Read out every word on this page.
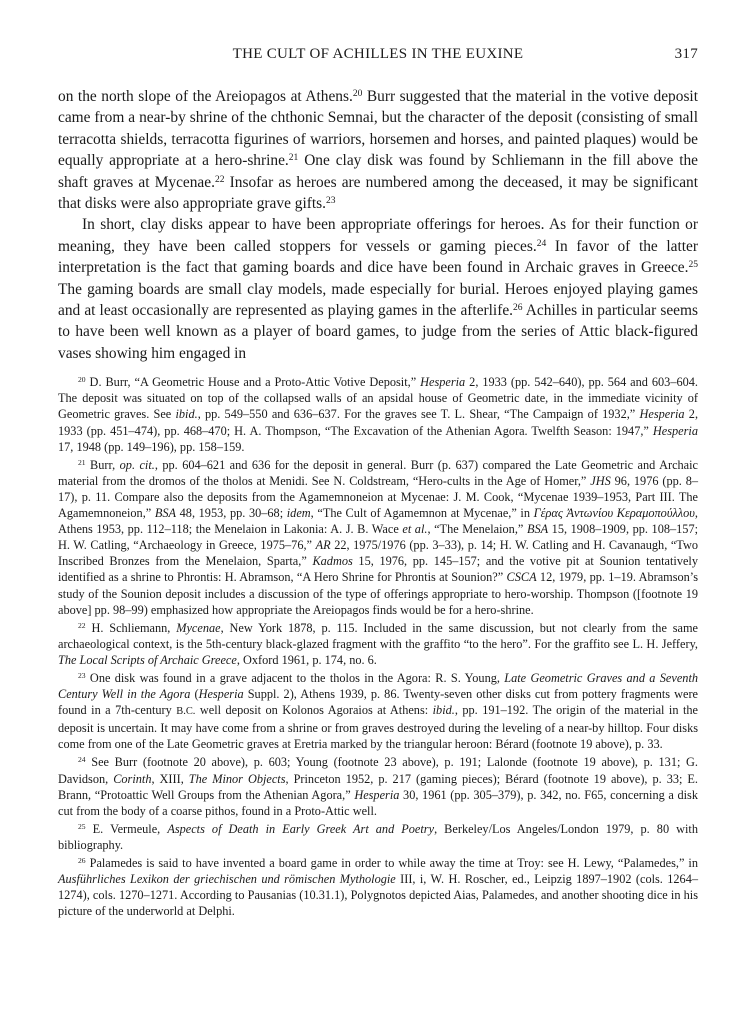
THE CULT OF ACHILLES IN THE EUXINE	317

on the north slope of the Areiopagos at Athens.$^{20}$ Burr suggested that the material in the votive deposit came from a near-by shrine of the chthonic Semnai, but the character of the deposit (consisting of small terracotta shields, terracotta figurines of warriors, horsemen and horses, and painted plaques) would be equally appropriate at a hero-shrine.$^{21}$ One clay disk was found by Schliemann in the fill above the shaft graves at Mycenae.$^{22}$ Insofar as heroes are numbered among the deceased, it may be significant that disks were also appropriate grave gifts.$^{23}$

In short, clay disks appear to have been appropriate offerings for heroes. As for their function or meaning, they have been called stoppers for vessels or gaming pieces.$^{24}$ In favor of the latter interpretation is the fact that gaming boards and dice have been found in Archaic graves in Greece.$^{25}$ The gaming boards are small clay models, made especially for burial. Heroes enjoyed playing games and at least occasionally are represented as playing games in the afterlife.$^{26}$ Achilles in particular seems to have been well known as a player of board games, to judge from the series of Attic black-figured vases showing him engaged in

$^{20}$ D. Burr, “A Geometric House and a Proto-Attic Votive Deposit,” Hesperia 2, 1933 (pp. 542–640), pp. 564 and 603–604. The deposit was situated on top of the collapsed walls of an apsidal house of Geometric date, in the immediate vicinity of Geometric graves. See ibid., pp. 549–550 and 636–637. For the graves see T. L. Shear, “The Campaign of 1932,” Hesperia 2, 1933 (pp. 451–474), pp. 468–470; H. A. Thompson, “The Excavation of the Athenian Agora. Twelfth Season: 1947,” Hesperia 17, 1948 (pp. 149–196), pp. 158–159.

$^{21}$ Burr, op. cit., pp. 604–621 and 636 for the deposit in general. Burr (p. 637) compared the Late Geometric and Archaic material from the dromos of the tholos at Menidi. See N. Coldstream, “Hero-cults in the Age of Homer,” JHS 96, 1976 (pp. 8–17), p. 11. Compare also the deposits from the Agamemnoneion at Mycenae: J. M. Cook, “Mycenae 1939–1953, Part III. The Agamemnoneion,” BSA 48, 1953, pp. 30–68; idem, “The Cult of Agamemnon at Mycenae,” in Γέρας Ἀντωνίου Κεραμοπούλλου, Athens 1953, pp. 112–118; the Menelaion in Lakonia: A. J. B. Wace et al., “The Menelaion,” BSA 15, 1908–1909, pp. 108–157; H. W. Catling, “Archaeology in Greece, 1975–76,” AR 22, 1975/1976 (pp. 3–33), p. 14; H. W. Catling and H. Cavanaugh, “Two Inscribed Bronzes from the Menelaion, Sparta,” Kadmos 15, 1976, pp. 145–157; and the votive pit at Sounion tentatively identified as a shrine to Phrontis: H. Abramson, “A Hero Shrine for Phrontis at Sounion?” CSCA 12, 1979, pp. 1–19. Abramson’s study of the Sounion deposit includes a discussion of the type of offerings appropriate to hero-worship. Thompson ([footnote 19 above] pp. 98–99) emphasized how appropriate the Areiopagos finds would be for a hero-shrine.

$^{22}$ H. Schliemann, Mycenae, New York 1878, p. 115. Included in the same discussion, but not clearly from the same archaeological context, is the 5th-century black-glazed fragment with the graffito “to the hero”. For the graffito see L. H. Jeffery, The Local Scripts of Archaic Greece, Oxford 1961, p. 174, no. 6.

$^{23}$ One disk was found in a grave adjacent to the tholos in the Agora: R. S. Young, Late Geometric Graves and a Seventh Century Well in the Agora (Hesperia Suppl. 2), Athens 1939, p. 86. Twenty-seven other disks cut from pottery fragments were found in a 7th-century B.C. well deposit on Kolonos Agoraios at Athens: ibid., pp. 191–192. The origin of the material in the deposit is uncertain. It may have come from a shrine or from graves destroyed during the leveling of a near-by hilltop. Four disks come from one of the Late Geometric graves at Eretria marked by the triangular heroon: Bérard (footnote 19 above), p. 33.

$^{24}$ See Burr (footnote 20 above), p. 603; Young (footnote 23 above), p. 191; Lalonde (footnote 19 above), p. 131; G. Davidson, Corinth, XIII, The Minor Objects, Princeton 1952, p. 217 (gaming pieces); Bérard (footnote 19 above), p. 33; E. Brann, “Protoattic Well Groups from the Athenian Agora,” Hesperia 30, 1961 (pp. 305–379), p. 342, no. F65, concerning a disk cut from the body of a coarse pithos, found in a Proto-Attic well.

$^{25}$ E. Vermeule, Aspects of Death in Early Greek Art and Poetry, Berkeley/Los Angeles/London 1979, p. 80 with bibliography.

$^{26}$ Palamedes is said to have invented a board game in order to while away the time at Troy: see H. Lewy, “Palamedes,” in Ausführliches Lexikon der griechischen und römischen Mythologie III, i, W. H. Roscher, ed., Leipzig 1897–1902 (cols. 1264–1274), cols. 1270–1271. According to Pausanias (10.31.1), Polygnotos depicted Aias, Palamedes, and another shooting dice in his picture of the underworld at Delphi.
